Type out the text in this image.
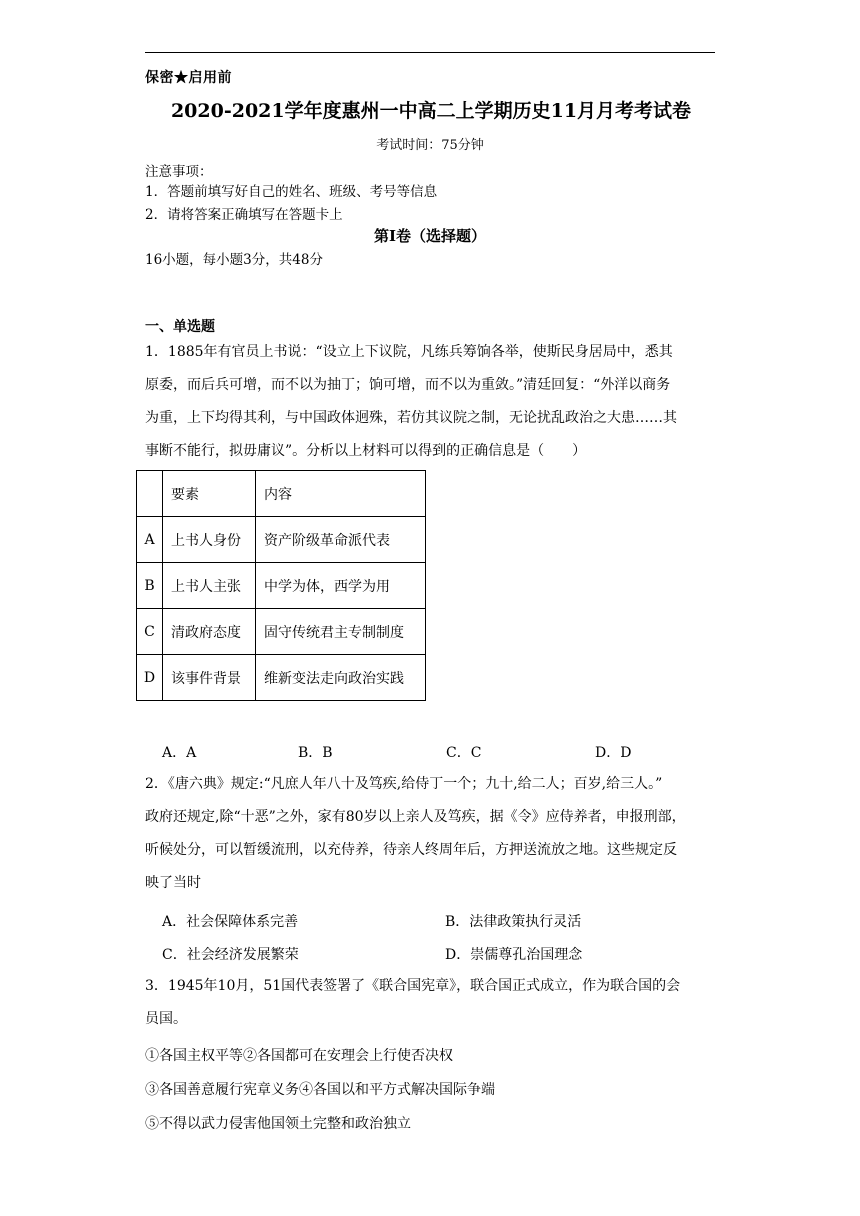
保密★启用前
2020-2021学年度惠州一中高二上学期历史11月月考考试卷
考试时间：75分钟
注意事项：
1．答题前填写好自己的姓名、班级、考号等信息
2．请将答案正确填写在答题卡上
第I卷（选择题）
16小题，每小题3分，共48分
一、单选题
1．1885年有官员上书说：“设立上下议院，凡练兵筹饷各举，使斯民身居局中，悉其
原委，而后兵可增，而不以为抽丁；饷可增，而不以为重敛。”清廷回复：“外洋以商务
为重，上下均得其利，与中国政体迥殊，若仿其议院之制，无论扰乱政治之大患……其
事断不能行，拟毋庸议”。分析以上材料可以得到的正确信息是（　　）
	要素	内容
A	上书人身份	资产阶级革命派代表
B	上书人主张	中学为体，西学为用
C	清政府态度	固守传统君主专制制度
D	该事件背景	维新变法走向政治实践
A．A	B．B	C．C	D．D
2．《唐六典》规定:“凡庶人年八十及笃疾,给侍丁一个；九十,给二人；百岁,给三人。”
政府还规定,除“十恶”之外，家有80岁以上亲人及笃疾，据《令》应侍养者，申报刑部，
听候处分，可以暂缓流刑，以充侍养，待亲人终周年后，方押送流放之地。这些规定反
映了当时
A．社会保障体系完善	B．法律政策执行灵活
C．社会经济发展繁荣	D．崇儒尊孔治国理念
3．1945年10月，51国代表签署了《联合国宪章》，联合国正式成立，作为联合国的会
员国。
①各国主权平等②各国都可在安理会上行使否决权
③各国善意履行宪章义务④各国以和平方式解决国际争端
⑤不得以武力侵害他国领土完整和政治独立
